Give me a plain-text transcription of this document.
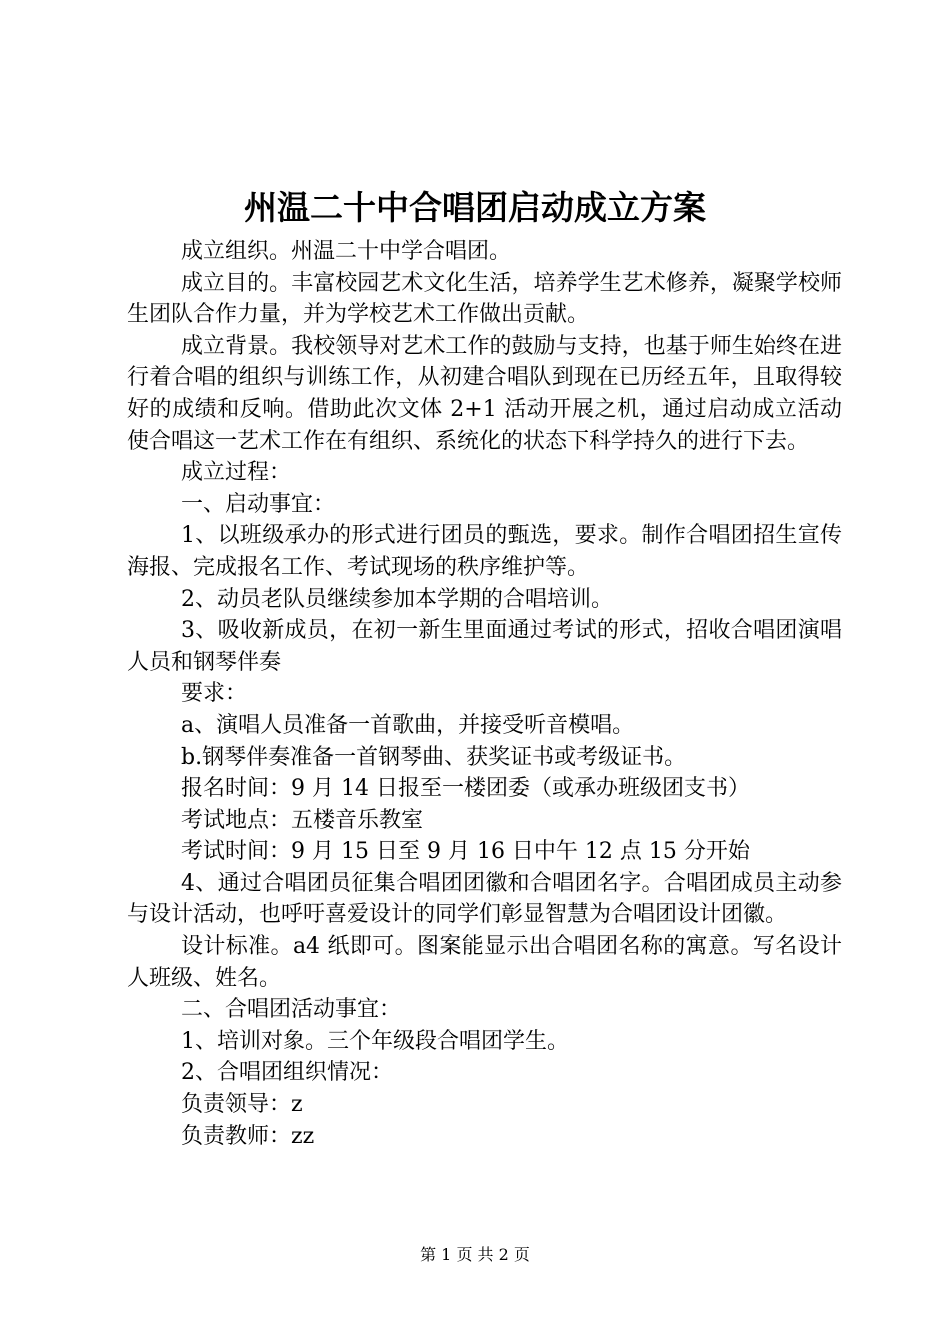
州温二十中合唱团启动成立方案

成立组织。州温二十中学合唱团。

成立目的。丰富校园艺术文化生活，培养学生艺术修养，凝聚学校师生团队合作力量，并为学校艺术工作做出贡献。

成立背景。我校领导对艺术工作的鼓励与支持，也基于师生始终在进行着合唱的组织与训练工作，从初建合唱队到现在已历经五年，且取得较好的成绩和反响。借助此次文体 2+1 活动开展之机，通过启动成立活动使合唱这一艺术工作在有组织、系统化的状态下科学持久的进行下去。

成立过程：

一、启动事宜：

1、以班级承办的形式进行团员的甄选，要求。制作合唱团招生宣传海报、完成报名工作、考试现场的秩序维护等。

2、动员老队员继续参加本学期的合唱培训。

3、吸收新成员，在初一新生里面通过考试的形式，招收合唱团演唱人员和钢琴伴奏

要求：

a、演唱人员准备一首歌曲，并接受听音模唱。

b.钢琴伴奏准备一首钢琴曲、获奖证书或考级证书。

报名时间：9 月 14 日报至一楼团委（或承办班级团支书）

考试地点：五楼音乐教室

考试时间：9 月 15 日至 9 月 16 日中午 12 点 15 分开始

4、通过合唱团员征集合唱团团徽和合唱团名字。合唱团成员主动参与设计活动，也呼吁喜爱设计的同学们彰显智慧为合唱团设计团徽。

设计标准。a4 纸即可。图案能显示出合唱团名称的寓意。写名设计人班级、姓名。

二、合唱团活动事宜：

1、培训对象。三个年级段合唱团学生。

2、合唱团组织情况：

负责领导：z

负责教师：zz

第 1 页 共 2 页
